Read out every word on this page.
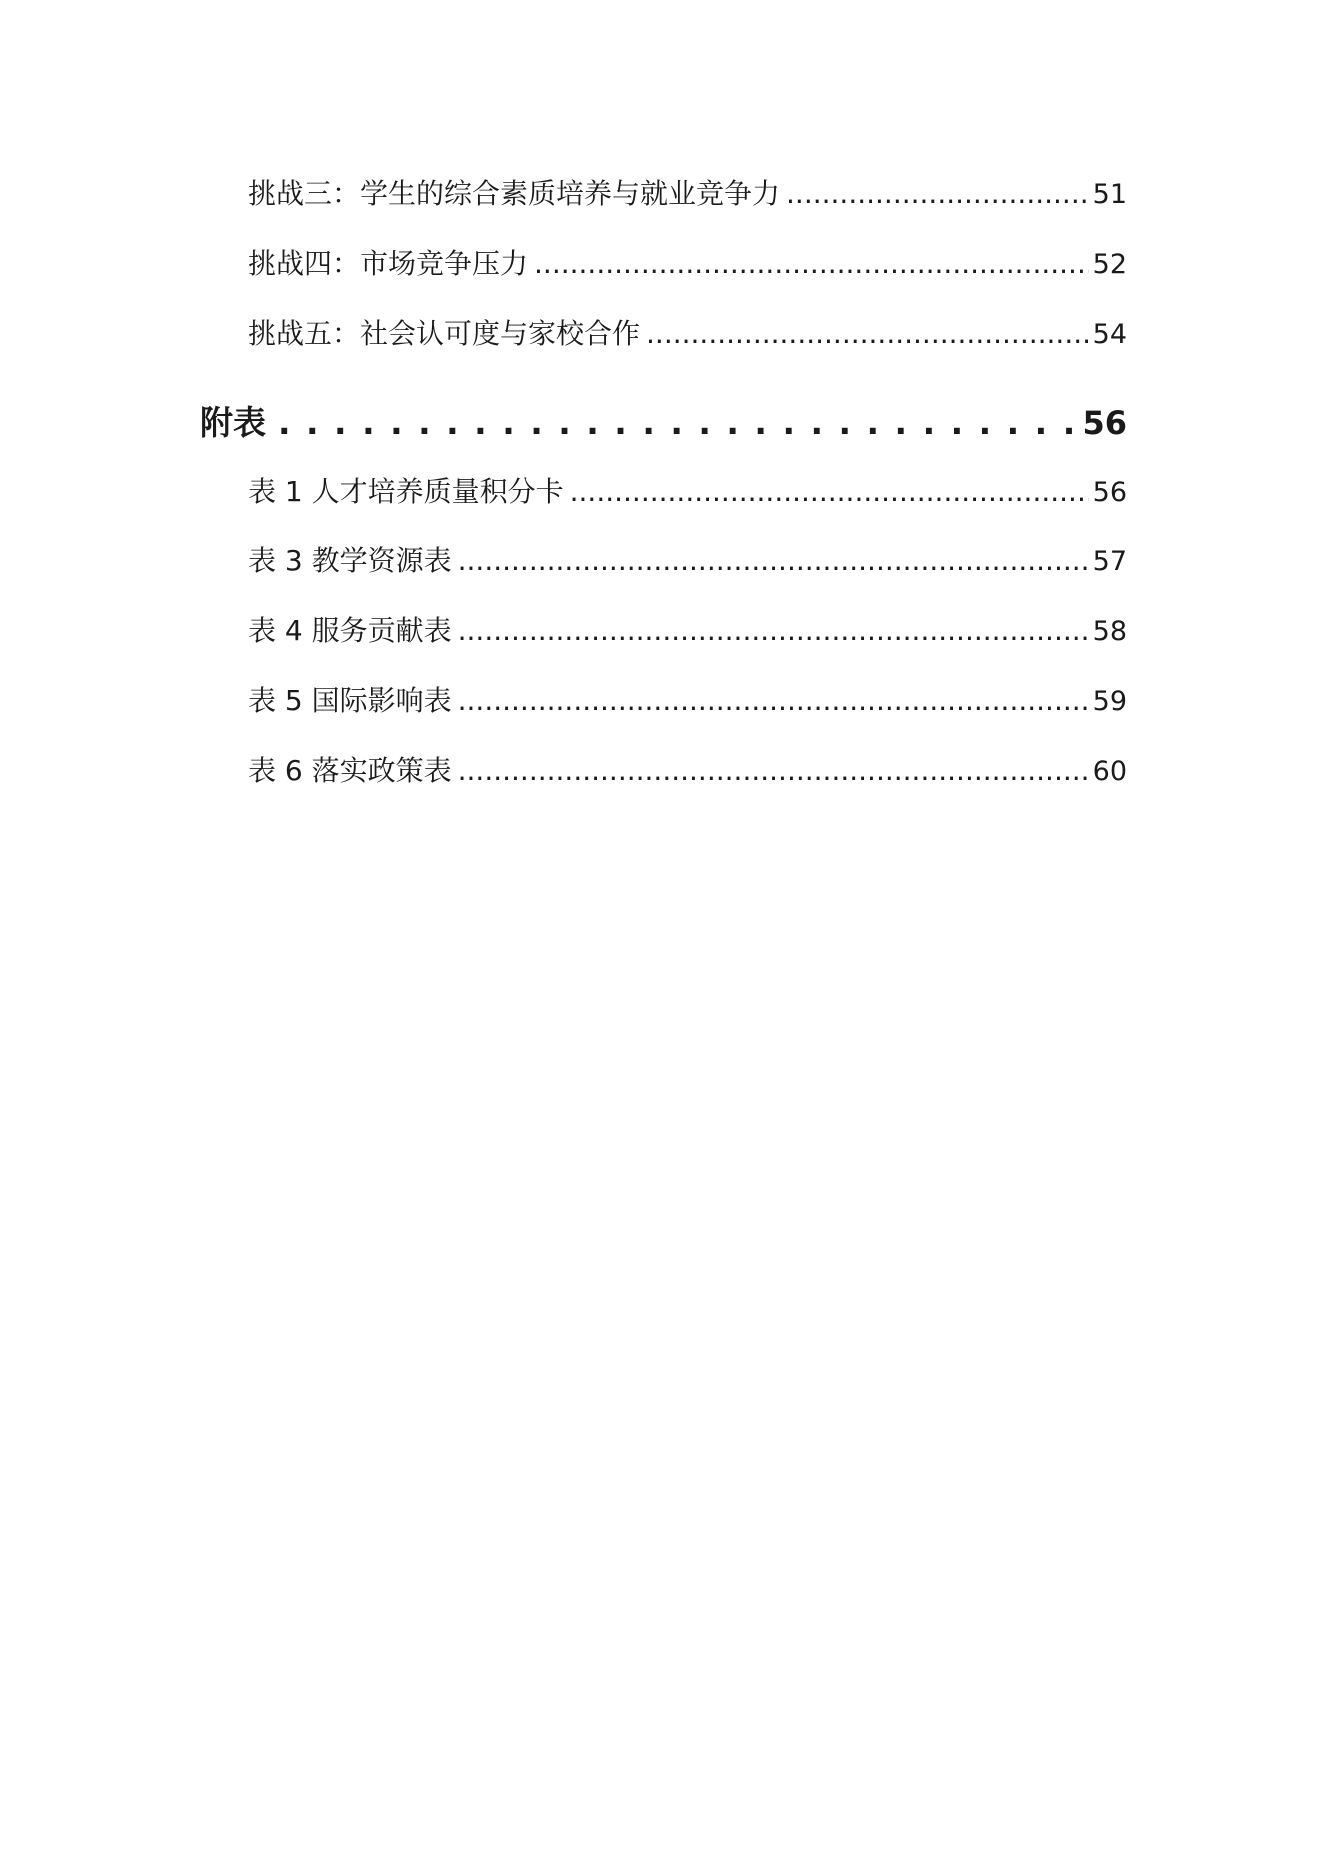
挑战三：学生的综合素质培养与就业竞争力 .....	51
挑战四：市场竞争压力 .....	52
挑战五：社会认可度与家校合作 .....	54
附表 . . .	56
表 1 人才培养质量积分卡 .....	56
表 3 教学资源表 .....	57
表 4 服务贡献表 .....	58
表 5 国际影响表 .....	59
表 6 落实政策表 .....	60
